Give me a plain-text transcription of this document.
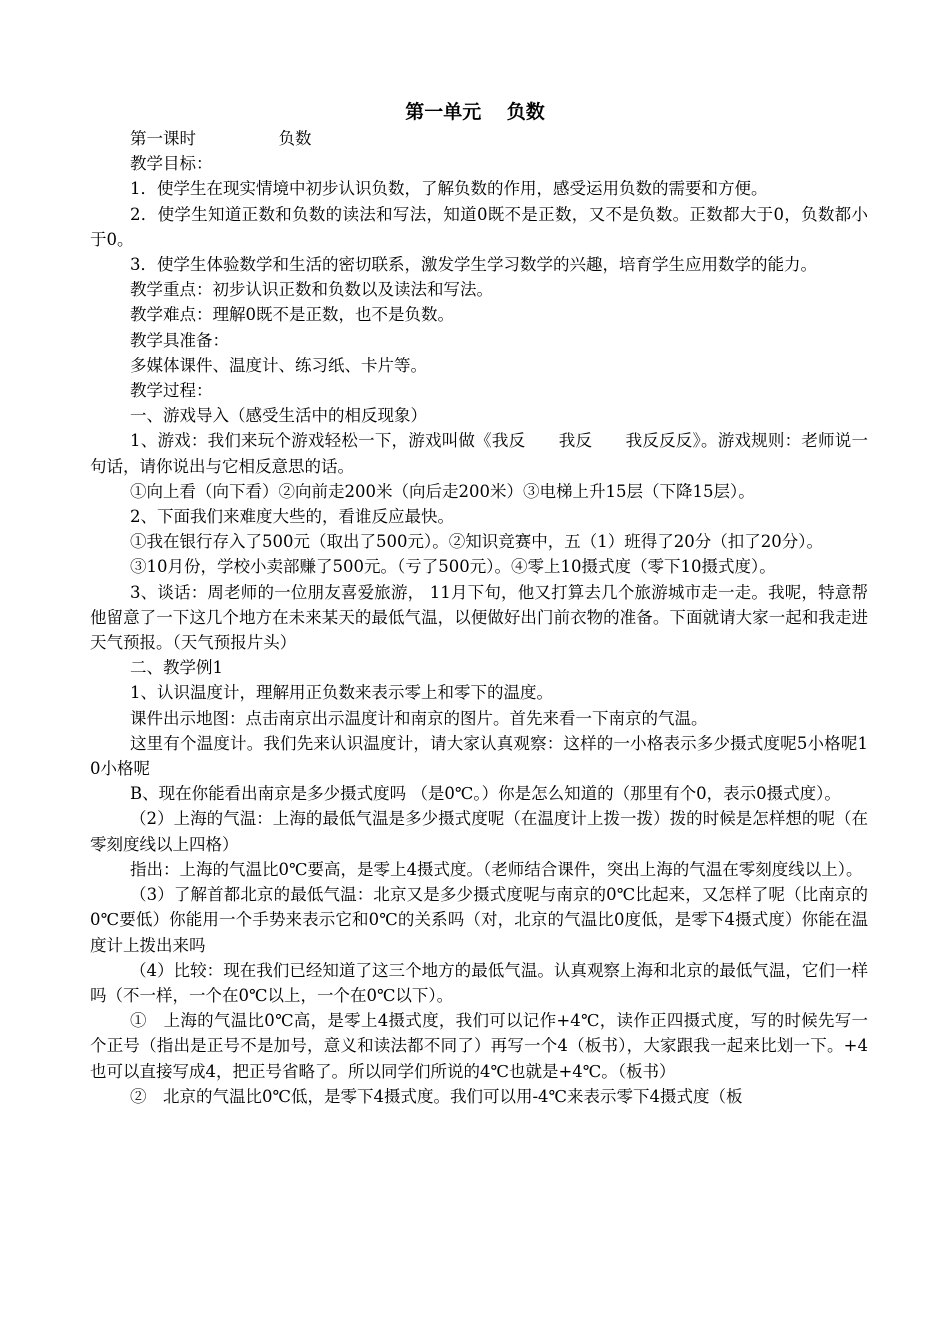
第一单元　 负数

第一课时　　　　　负数

教学目标：

1．使学生在现实情境中初步认识负数，了解负数的作用，感受运用负数的需要和方便。

2．使学生知道正数和负数的读法和写法，知道0既不是正数，又不是负数。正数都大于0，负数都小于0。

3．使学生体验数学和生活的密切联系，激发学生学习数学的兴趣，培育学生应用数学的能力。

教学重点：初步认识正数和负数以及读法和写法。

教学难点：理解0既不是正数，也不是负数。

教学具准备：

多媒体课件、温度计、练习纸、卡片等。

教学过程：

一、游戏导入（感受生活中的相反现象）

1、游戏：我们来玩个游戏轻松一下，游戏叫做《我反　　我反　　我反反反》。游戏规则：老师说一句话，请你说出与它相反意思的话。

①向上看（向下看）②向前走200米（向后走200米）③电梯上升15层（下降15层）。

2、下面我们来难度大些的，看谁反应最快。

①我在银行存入了500元（取出了500元）。②知识竞赛中，五（1）班得了20分（扣了20分）。

③10月份，学校小卖部赚了500元。（亏了500元）。④零上10摄式度（零下10摄式度）。

3、谈话：周老师的一位朋友喜爱旅游， 11月下旬，他又打算去几个旅游城市走一走。我呢，特意帮他留意了一下这几个地方在未来某天的最低气温，以便做好出门前衣物的准备。下面就请大家一起和我走进天气预报。（天气预报片头）

二、教学例1

1、认识温度计，理解用正负数来表示零上和零下的温度。

课件出示地图：点击南京出示温度计和南京的图片。首先来看一下南京的气温。

这里有个温度计。我们先来认识温度计，请大家认真观察：这样的一小格表示多少摄式度呢5小格呢10小格呢

B、现在你能看出南京是多少摄式度吗 （是0℃。）你是怎么知道的（那里有个0，表示0摄式度）。

（2）上海的气温：上海的最低气温是多少摄式度呢（在温度计上拨一拨）拨的时候是怎样想的呢（在零刻度线以上四格）

指出：上海的气温比0℃要高，是零上4摄式度。（老师结合课件，突出上海的气温在零刻度线以上）。

（3）了解首都北京的最低气温：北京又是多少摄式度呢与南京的0℃比起来，又怎样了呢（比南京的0℃要低）你能用一个手势来表示它和0℃的关系吗（对，北京的气温比0度低，是零下4摄式度）你能在温度计上拨出来吗

（4）比较：现在我们已经知道了这三个地方的最低气温。认真观察上海和北京的最低气温，它们一样吗（不一样，一个在0℃以上，一个在0℃以下）。

①　上海的气温比0℃高，是零上4摄式度，我们可以记作+4℃，读作正四摄式度，写的时候先写一个正号（指出是正号不是加号，意义和读法都不同了）再写一个4（板书），大家跟我一起来比划一下。+4也可以直接写成4，把正号省略了。所以同学们所说的4℃也就是+4℃。（板书）

②　北京的气温比0℃低，是零下4摄式度。我们可以用-4℃来表示零下4摄式度（板
